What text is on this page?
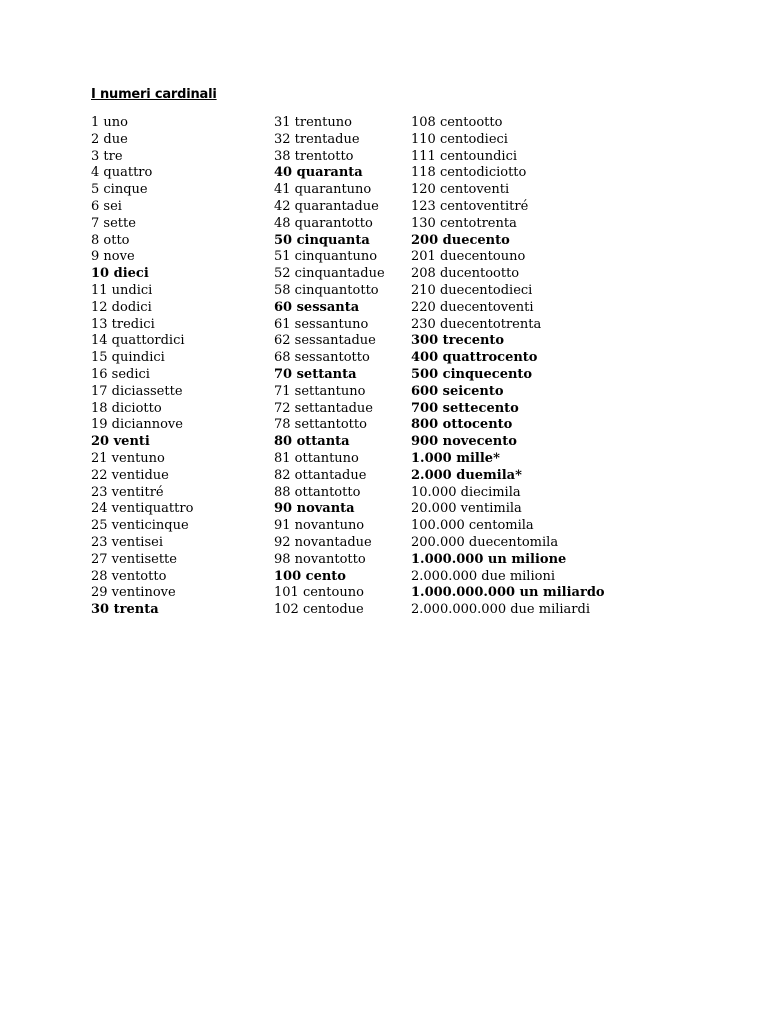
I numeri cardinali
1 uno
2 due
3 tre
4 quattro
5 cinque
6 sei
7 sette
8 otto
9 nove
10 dieci
11 undici
12 dodici
13 tredici
14 quattordici
15 quindici
16 sedici
17 diciassette
18 diciotto
19 diciannove
20 venti
21 ventuno
22 ventidue
23 ventitré
24 ventiquattro
25 venticinque
23 ventisei
27 ventisette
28 ventotto
29 ventinove
30 trenta
31 trentuno
32 trentadue
38 trentotto
40 quaranta
41 quarantuno
42 quarantadue
48 quarantotto
50 cinquanta
51 cinquantuno
52 cinquantadue
58 cinquantotto
60 sessanta
61 sessantuno
62 sessantadue
68 sessantotto
70 settanta
71 settantuno
72 settantadue
78 settantotto
80 ottanta
81 ottantuno
82 ottantadue
88 ottantotto
90 novanta
91 novantuno
92 novantadue
98 novantotto
100 cento
101 centouno
102 centodue
108 centootto
110 centodieci
111 centoundici
118 centodiciotto
120 centoventi
123 centoventitré
130 centotrenta
200 duecento
201 duecentouno
208 ducentootto
210 duecentodieci
220 duecentoventi
230 duecentotrenta
300 trecento
400 quattrocento
500 cinquecento
600 seicento
700 settecento
800 ottocento
900 novecento
1.000 mille*
2.000 duemila*
10.000 diecimila
20.000 ventimila
100.000 centomila
200.000 duecentomila
1.000.000 un milione
2.000.000 due milioni
1.000.000.000 un miliardo
2.000.000.000 due miliardi
